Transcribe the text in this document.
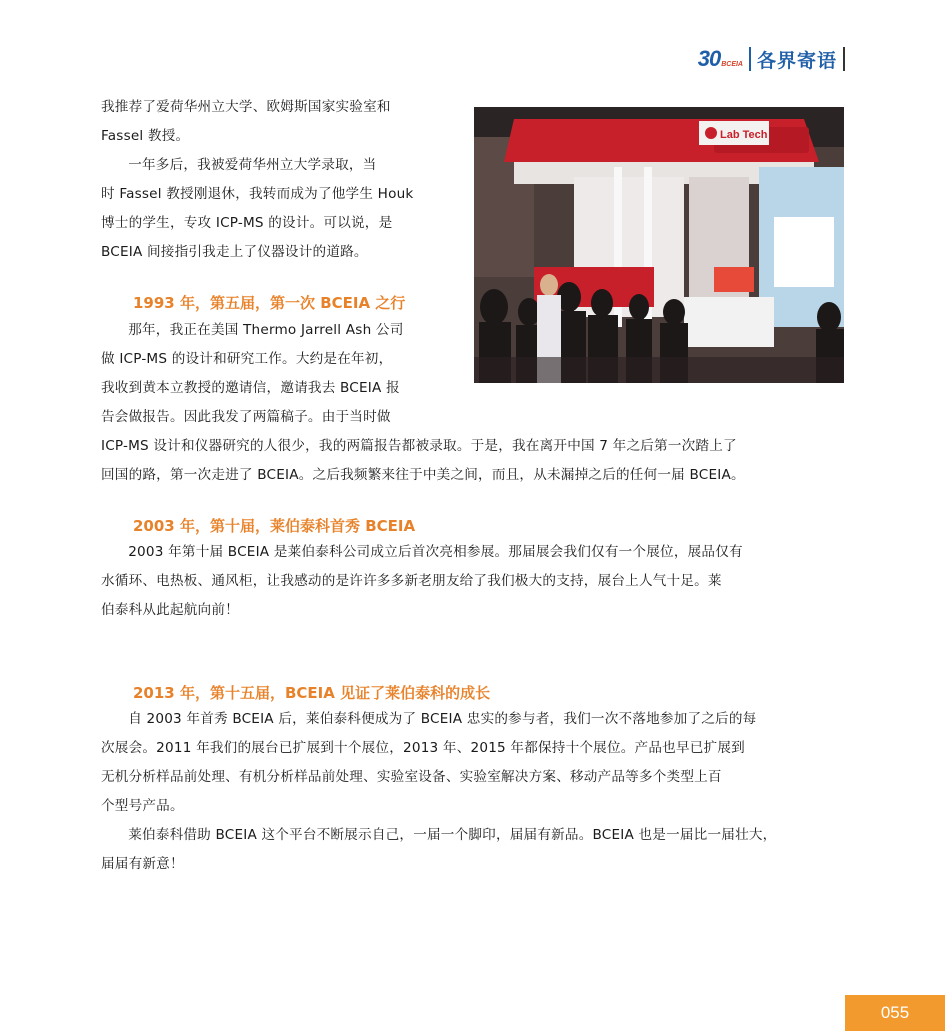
30 BCEIA 各界寄语
Lab Tech
我推荐了爱荷华州立大学、欧姆斯国家实验室和
Fassel 教授。
一年多后，我被爱荷华州立大学录取，当
时 Fassel 教授刚退休，我转而成为了他学生 Houk
博士的学生，专攻 ICP-MS 的设计。可以说，是
BCEIA 间接指引我走上了仪器设计的道路。
1993 年，第五届，第一次 BCEIA 之行
那年，我正在美国 Thermo Jarrell Ash 公司
做 ICP-MS 的设计和研究工作。大约是在年初，
我收到黄本立教授的邀请信，邀请我去 BCEIA 报
告会做报告。因此我发了两篇稿子。由于当时做
ICP-MS 设计和仪器研究的人很少，我的两篇报告都被录取。于是，我在离开中国 7 年之后第一次踏上了
回国的路，第一次走进了 BCEIA。之后我频繁来往于中美之间，而且，从未漏掉之后的任何一届 BCEIA。
2003 年，第十届，莱伯泰科首秀 BCEIA
2003 年第十届 BCEIA 是莱伯泰科公司成立后首次亮相参展。那届展会我们仅有一个展位，展品仅有
水循环、电热板、通风柜，让我感动的是许许多多新老朋友给了我们极大的支持，展台上人气十足。莱
伯泰科从此起航向前！
2013 年，第十五届，BCEIA 见证了莱伯泰科的成长
自 2003 年首秀 BCEIA 后，莱伯泰科便成为了 BCEIA 忠实的参与者，我们一次不落地参加了之后的每
次展会。2011 年我们的展台已扩展到十个展位，2013 年、2015 年都保持十个展位。产品也早已扩展到
无机分析样品前处理、有机分析样品前处理、实验室设备、实验室解决方案、移动产品等多个类型上百
个型号产品。
莱伯泰科借助 BCEIA 这个平台不断展示自己，一届一个脚印，届届有新品。BCEIA 也是一届比一届壮大，
届届有新意！
055
